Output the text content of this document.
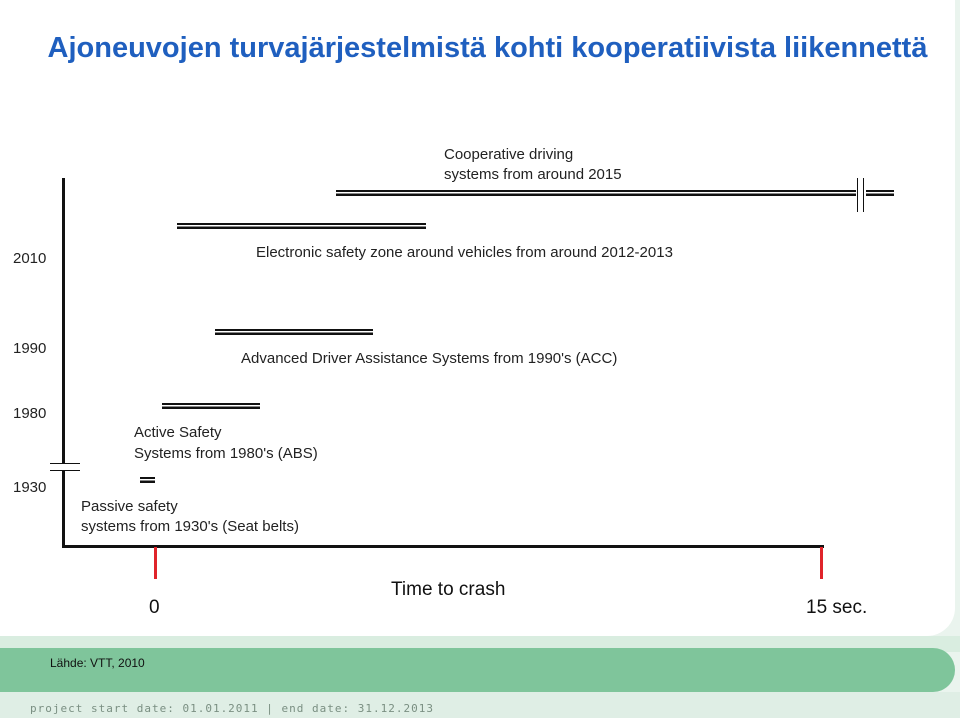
Ajoneuvojen turvajärjestelmistä kohti kooperatiivista liikennettä
Cooperative driving
systems from around 2015
Electronic safety zone around vehicles from around 2012-2013
2010
1990
1980
1930
Advanced Driver Assistance Systems from 1990's (ACC)
Active Safety
Systems from 1980's (ABS)
Passive safety
systems from 1930's (Seat belts)
0
Time to crash
15 sec.
Lähde: VTT, 2010
project start date: 01.01.2011 | end date: 31.12.2013
